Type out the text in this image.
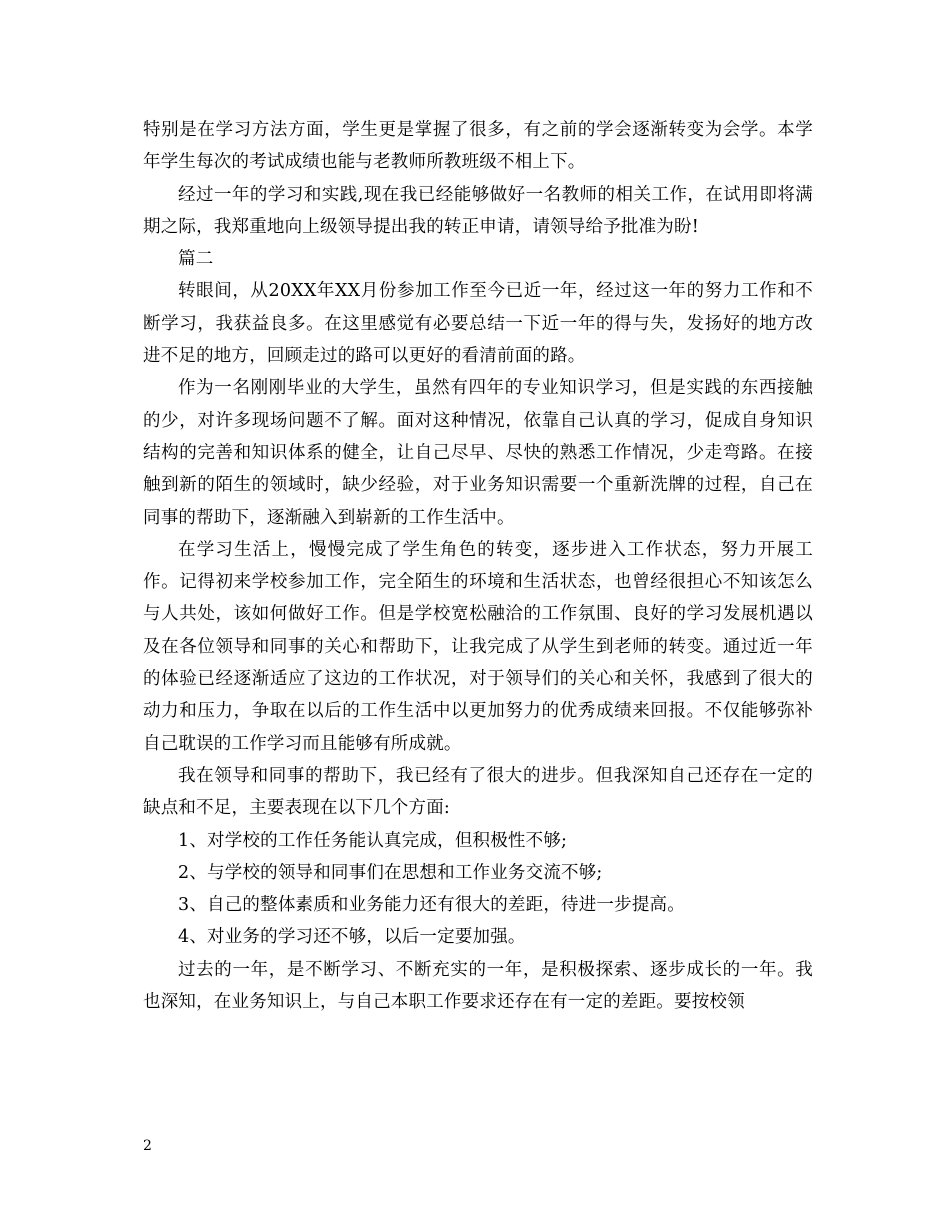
特别是在学习方法方面，学生更是掌握了很多，有之前的学会逐渐转变为会学。本学年学生每次的考试成绩也能与老教师所教班级不相上下。

经过一年的学习和实践,现在我已经能够做好一名教师的相关工作，在试用即将满期之际，我郑重地向上级领导提出我的转正申请，请领导给予批准为盼!

篇二

转眼间，从20XX年XX月份参加工作至今已近一年，经过这一年的努力工作和不断学习，我获益良多。在这里感觉有必要总结一下近一年的得与失，发扬好的地方改进不足的地方，回顾走过的路可以更好的看清前面的路。

作为一名刚刚毕业的大学生，虽然有四年的专业知识学习，但是实践的东西接触的少，对许多现场问题不了解。面对这种情况，依靠自己认真的学习，促成自身知识结构的完善和知识体系的健全，让自己尽早、尽快的熟悉工作情况，少走弯路。在接触到新的陌生的领域时，缺少经验，对于业务知识需要一个重新洗牌的过程，自己在同事的帮助下，逐渐融入到崭新的工作生活中。

在学习生活上，慢慢完成了学生角色的转变，逐步进入工作状态，努力开展工作。记得初来学校参加工作，完全陌生的环境和生活状态，也曾经很担心不知该怎么与人共处，该如何做好工作。但是学校宽松融洽的工作氛围、良好的学习发展机遇以及在各位领导和同事的关心和帮助下，让我完成了从学生到老师的转变。通过近一年的体验已经逐渐适应了这边的工作状况，对于领导们的关心和关怀，我感到了很大的动力和压力，争取在以后的工作生活中以更加努力的优秀成绩来回报。不仅能够弥补自己耽误的工作学习而且能够有所成就。

我在领导和同事的帮助下，我已经有了很大的进步。但我深知自己还存在一定的缺点和不足，主要表现在以下几个方面:

1、对学校的工作任务能认真完成，但积极性不够;

2、与学校的领导和同事们在思想和工作业务交流不够;

3、自己的整体素质和业务能力还有很大的差距，待进一步提高。

4、对业务的学习还不够，以后一定要加强。

过去的一年，是不断学习、不断充实的一年，是积极探索、逐步成长的一年。我也深知，在业务知识上，与自己本职工作要求还存在有一定的差距。要按校领

2
